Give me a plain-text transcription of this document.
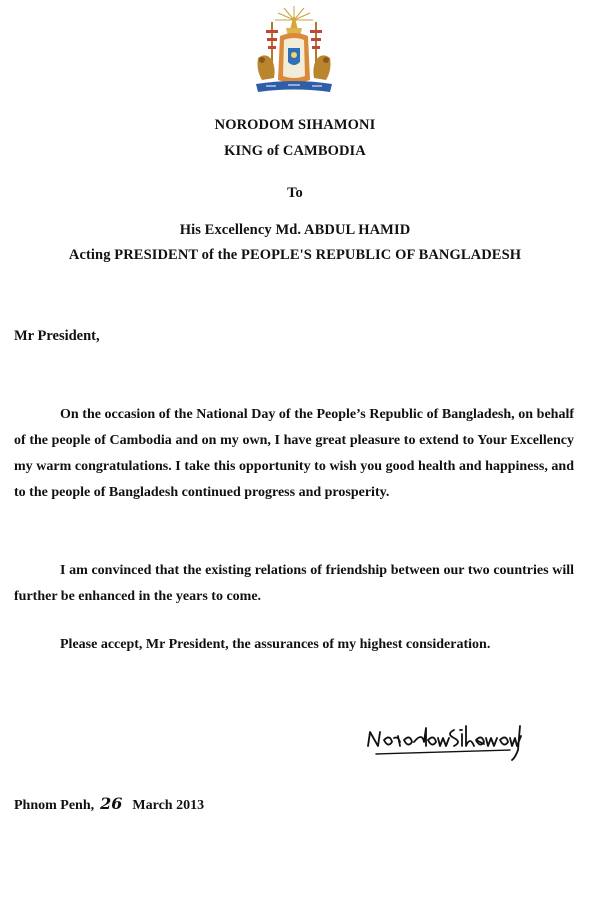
NORODOM SIHAMONI
KING of CAMBODIA
To
His Excellency Md. ABDUL HAMID
Acting PRESIDENT of the PEOPLE'S REPUBLIC OF BANGLADESH
Mr President,
On the occasion of the National Day of the People’s Republic of Bangladesh, on behalf of the people of Cambodia and on my own, I have great pleasure to extend to Your Excellency my warm congratulations. I take this opportunity to wish you good health and happiness, and to the people of Bangladesh continued progress and prosperity.
I am convinced that the existing relations of friendship between our two countries will further be enhanced in the years to come.
Please accept, Mr President, the assurances of my highest consideration.
Phnom Penh, 26 March 2013
